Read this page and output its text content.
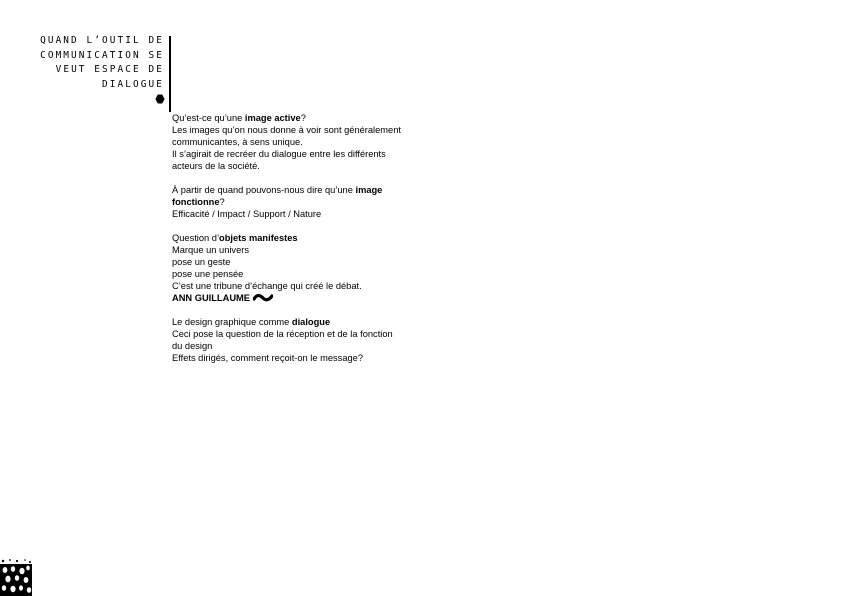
QUAND L’OUTIL DE
COMMUNICATION SE
VEUT ESPACE DE
DIALOGUE

Qu’est-ce qu’une image active?
Les images qu’on nous donne à voir sont généralement
communicantes, à sens unique.
Il s’agirait de recréer du dialogue entre les différents
acteurs de la société.

À partir de quand pouvons-nous dire qu’une image
fonctionne?
Efficacité / Impact / Support / Nature

Question d’objets manifestes
Marque un univers
pose un geste
pose une pensée
C’est une tribune d’échange qui créé le débat.
ANN GUILLAUME

Le design graphique comme dialogue
Ceci pose la question de la réception et de la fonction
du design
Effets dirigés, comment reçoit-on le message?
